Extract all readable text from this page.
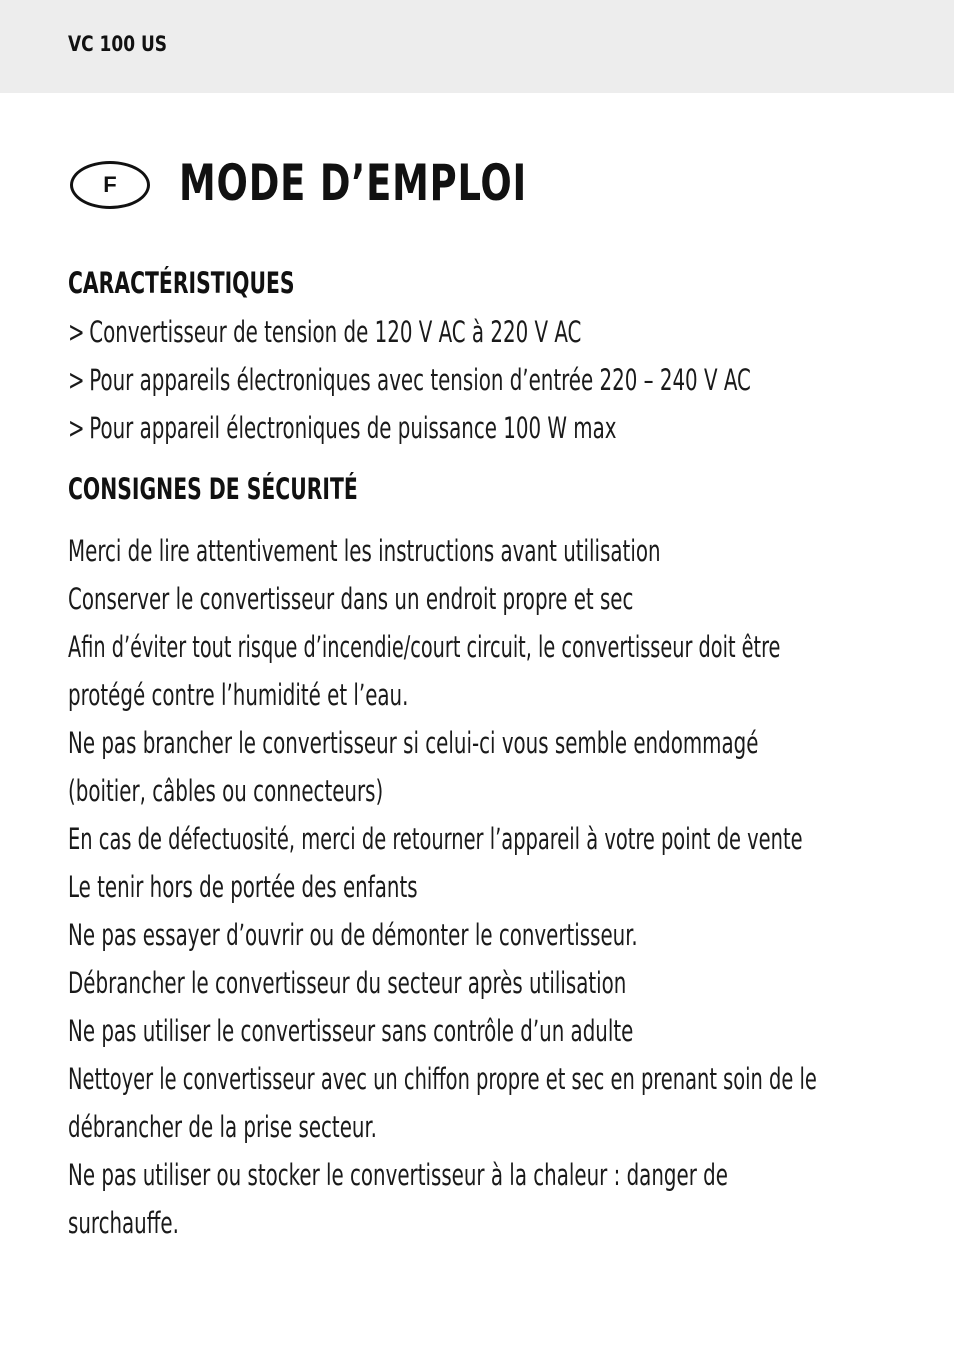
VC 100 US
F	MODE D’EMPLOI
CARACTÉRISTIQUES
> Convertisseur de tension de 120 V AC à 220 V AC
> Pour appareils électroniques avec tension d’entrée 220 – 240 V AC
> Pour appareil électroniques de puissance 100 W max
CONSIGNES DE SÉCURITÉ
Merci de lire attentivement les instructions avant utilisation
Conserver le convertisseur dans un endroit propre et sec
Afin d’éviter tout risque d’incendie/court circuit, le convertisseur doit être
protégé contre l’humidité et l’eau.
Ne pas brancher le convertisseur si celui-ci vous semble endommagé
(boitier, câbles ou connecteurs)
En cas de défectuosité, merci de retourner l’appareil à votre point de vente
Le tenir hors de portée des enfants
Ne pas essayer d’ouvrir ou de démonter le convertisseur.
Débrancher le convertisseur du secteur après utilisation
Ne pas utiliser le convertisseur sans contrôle d’un adulte
Nettoyer le convertisseur avec un chiffon propre et sec en prenant soin de le
débrancher de la prise secteur.
Ne pas utiliser ou stocker le convertisseur à la chaleur : danger de
surchauffe.
